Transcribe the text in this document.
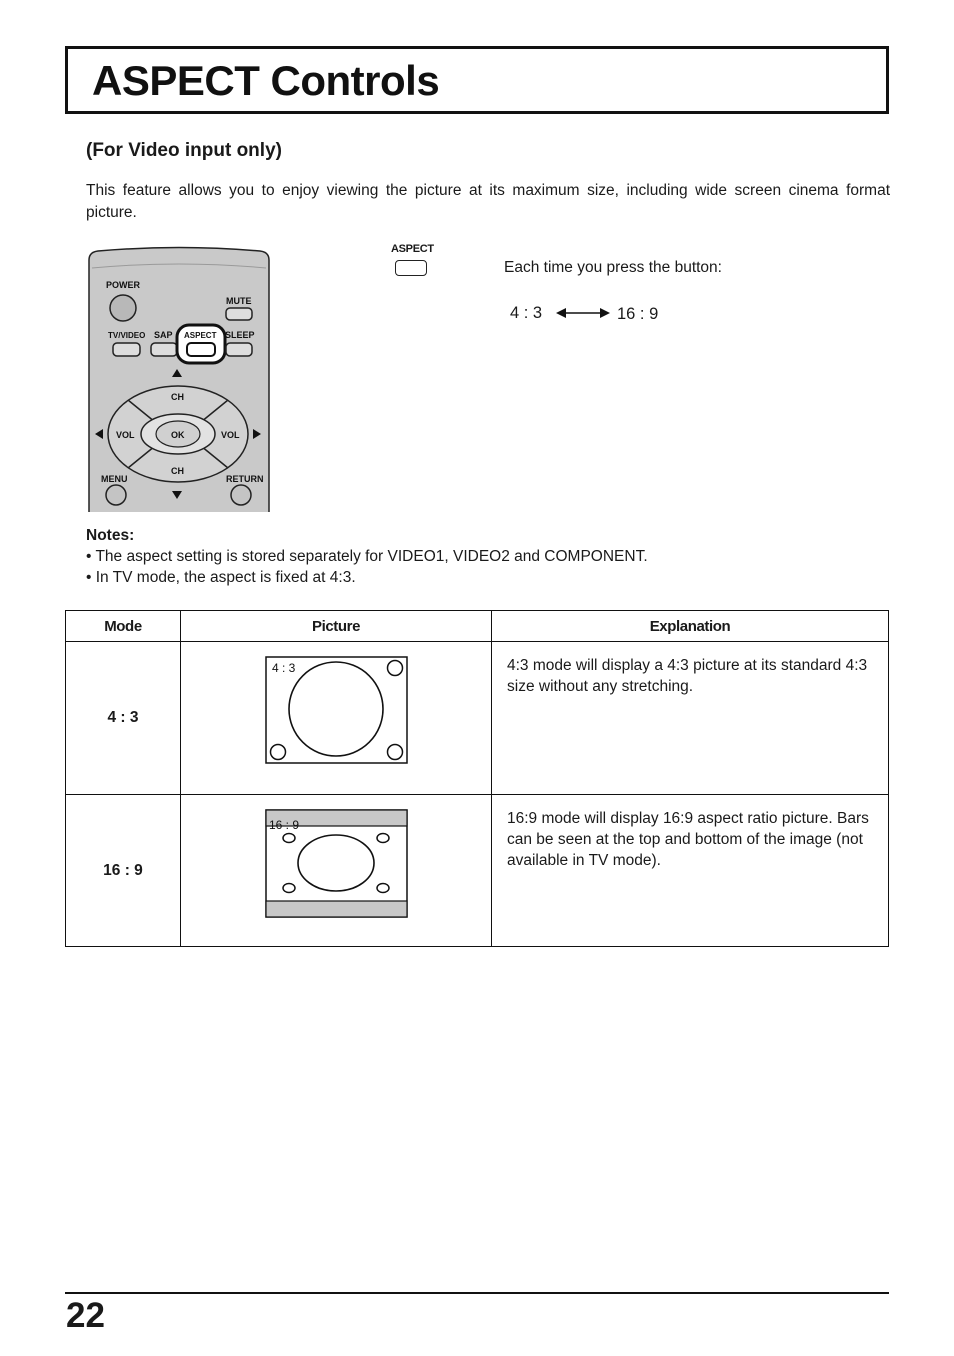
ASPECT Controls
(For Video input only)
This feature allows you to enjoy viewing the picture at its maximum size, including wide screen cinema format picture.
POWER
MUTE
TV/VIDEO SAP ASPECT SLEEP
OK
CH
CH
VOL	VOL
MENU	RETURN
ASPECT
Each time you press the button:
4 : 3	16 : 9
Notes:
• The aspect setting is stored separately for VIDEO1, VIDEO2 and COMPONENT.
• In TV mode, the aspect is fixed at 4:3.
Mode	Picture	Explanation
4 : 3	4 : 3	4:3 mode will display a 4:3 picture at its standard 4:3 size without any stretching.
16 : 9	16 : 9	16:9 mode will display 16:9 aspect ratio picture. Bars can be seen at the top and bottom of the image (not available in TV mode).
22
